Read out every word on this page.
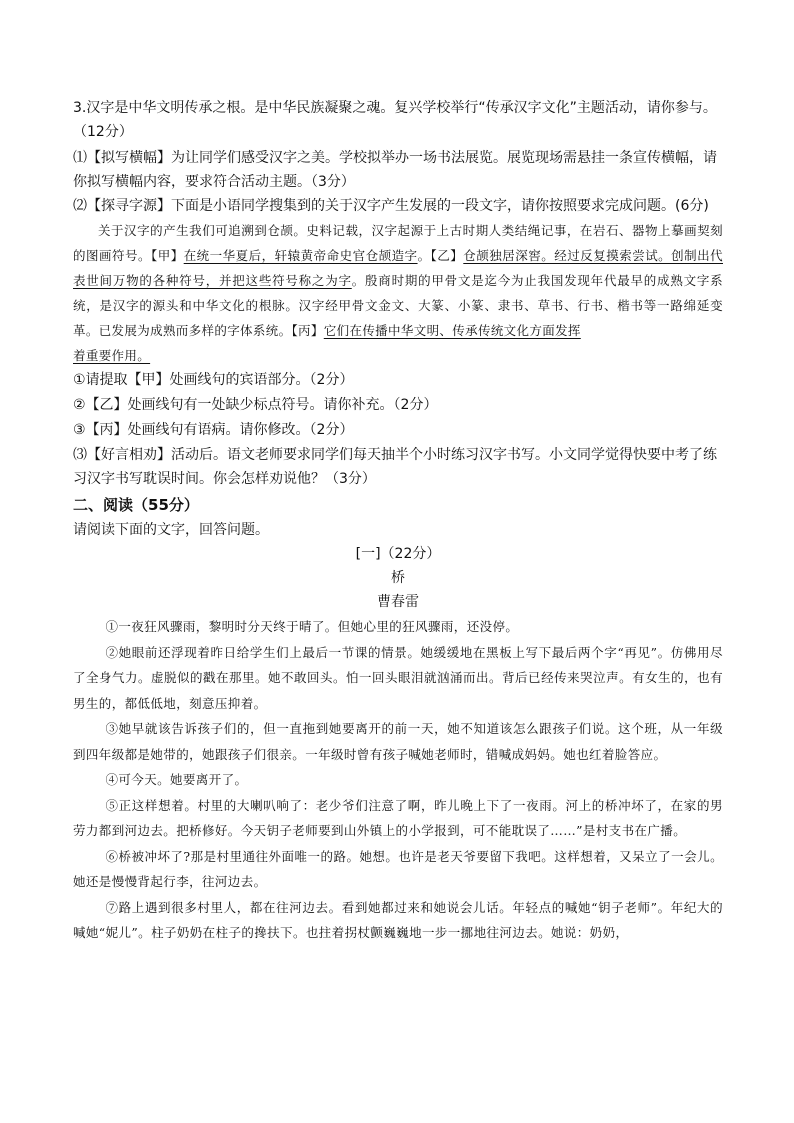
3.汉字是中华文明传承之根。是中华民族凝聚之魂。复兴学校举行“传承汉字文化”主题活动，请你参与。（12分）

⑴【拟写横幅】为让同学们感受汉字之美。学校拟举办一场书法展览。展览现场需悬挂一条宣传横幅，请你拟写横幅内容，要求符合活动主题。（3分）

⑵【探寻字源】下面是小语同学搜集到的关于汉字产生发展的一段文字，请你按照要求完成问题。(6分)

关于汉字的产生我们可追溯到仓颉。史料记载，汉字起源于上古时期人类结绳记事，在岩石、器物上摹画契刻的图画符号。【甲】在统一华夏后，轩辕黄帝命史官仓颉造字。【乙】仓颉独居深窖。经过反复摸索尝试。创制出代表世间万物的各种符号，并把这些符号称之为字。殷商时期的甲骨文是迄今为止我国发现年代最早的成熟文字系统，是汉字的源头和中华文化的根脉。汉字经甲骨文金文、大篆、小篆、隶书、草书、行书、楷书等一路绵延变革。已发展为成熟而多样的字体系统。【丙】它们在传播中华文明、传承传统文化方面发挥

着重要作用。

①请提取【甲】处画线句的宾语部分。（2分）

②【乙】处画线句有一处缺少标点符号。请你补充。（2分）

③【丙】处画线句有语病。请你修改。（2分）

⑶【好言相劝】活动后。语文老师要求同学们每天抽半个小时练习汉字书写。小文同学觉得快要中考了练习汉字书写耽误时间。你会怎样劝说他？（3分）

二、阅读（55分）

请阅读下面的文字，回答问题。

[一]（22分）

桥

曹春雷

①一夜狂风骤雨，黎明时分天终于晴了。但她心里的狂风骤雨，还没停。

②她眼前还浮现着昨日给学生们上最后一节课的情景。她缓缓地在黑板上写下最后两个字“再见”。仿佛用尽了全身气力。虚脱似的戳在那里。她不敢回头。怕一回头眼泪就汹涌而出。背后已经传来哭泣声。有女生的，也有男生的，都低低地，刻意压抑着。

③她早就该告诉孩子们的，但一直拖到她要离开的前一天，她不知道该怎么跟孩子们说。这个班，从一年级到四年级都是她带的，她跟孩子们很亲。一年级时曾有孩子喊她老师时，错喊成妈妈。她也红着脸答应。

④可今天。她要离开了。

⑤正这样想着。村里的大喇叭响了：老少爷们注意了啊，昨儿晚上下了一夜雨。河上的桥冲坏了，在家的男劳力都到河边去。把桥修好。今天钥子老师要到山外镇上的小学报到，可不能耽误了……”是村支书在广播。

⑥桥被冲坏了?那是村里通往外面唯一的路。她想。也许是老天爷要留下我吧。这样想着，又呆立了一会儿。她还是慢慢背起行李，往河边去。

⑦路上遇到很多村里人，都在往河边去。看到她都过来和她说会儿话。年轻点的喊她“钥子老师”。年纪大的喊她“妮儿”。柱子奶奶在柱子的搀扶下。也拄着拐杖颤巍巍地一步一挪地往河边去。她说：奶奶，
